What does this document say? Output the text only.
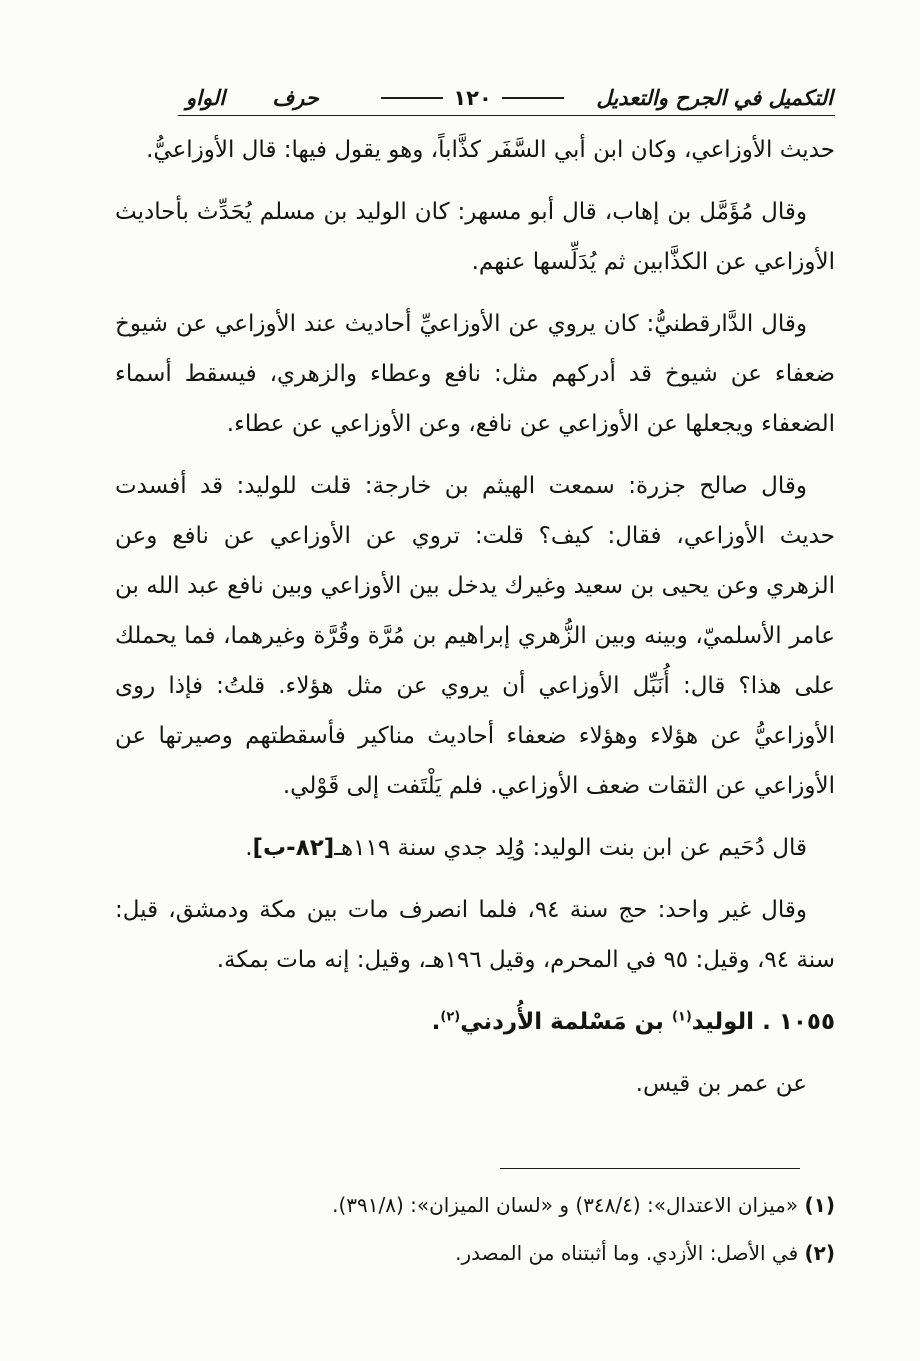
التكميل في الجرح والتعديل
١٢٠
حرف الواو

حديث الأوزاعي، وكان ابن أبي السَّفَر كذَّاباً، وهو يقول فيها: قال الأوزاعيُّ.

وقال مُؤَمَّل بن إهاب، قال أبو مسهر: كان الوليد بن مسلم يُحَدِّث بأحاديث الأوزاعي عن الكذَّابين ثم يُدَلِّسها عنهم.

وقال الدَّارقطنيُّ: كان يروي عن الأوزاعيِّ أحاديث عند الأوزاعي عن شيوخ ضعفاء عن شيوخ قد أدركهم مثل: نافع وعطاء والزهري، فيسقط أسماء الضعفاء ويجعلها عن الأوزاعي عن نافع، وعن الأوزاعي عن عطاء.

وقال صالح جزرة: سمعت الهيثم بن خارجة: قلت للوليد: قد أفسدت حديث الأوزاعي، فقال: كيف؟ قلت: تروي عن الأوزاعي عن نافع وعن الزهري وعن يحيى بن سعيد وغيرك يدخل بين الأوزاعي وبين نافع عبد الله بن عامر الأسلميّ، وبينه وبين الزُّهري إبراهيم بن مُرَّة وقُرَّة وغيرهما، فما يحملك على هذا؟ قال: أُنَبِّل الأوزاعي أن يروي عن مثل هؤلاء. قلتُ: فإذا روى الأوزاعيُّ عن هؤلاء وهؤلاء ضعفاء أحاديث مناكير فأسقطتهم وصيرتها عن الأوزاعي عن الثقات ضعف الأوزاعي. فلم يَلْتَفت إلى قَوْلي.

قال دُحَيم عن ابن بنت الوليد: وُلِد جدي سنة ١١٩هـ[٨٢-ب].

وقال غير واحد: حج سنة ٩٤، فلما انصرف مات بين مكة ودمشق، قيل: سنة ٩٤، وقيل: ٩٥ في المحرم، وقيل ١٩٦هـ، وقيل: إنه مات بمكة.

١٠٥٥ . الوليد$^{(١)}$ بن مَسْلمة الأُردني$^{(٢)}$.

عن عمر بن قيس.

(١) «ميزان الاعتدال»: (٣٤٨/٤) و «لسان الميزان»: (٣٩١/٨).

(٢) في الأصل: الأزدي. وما أثبتناه من المصدر.
